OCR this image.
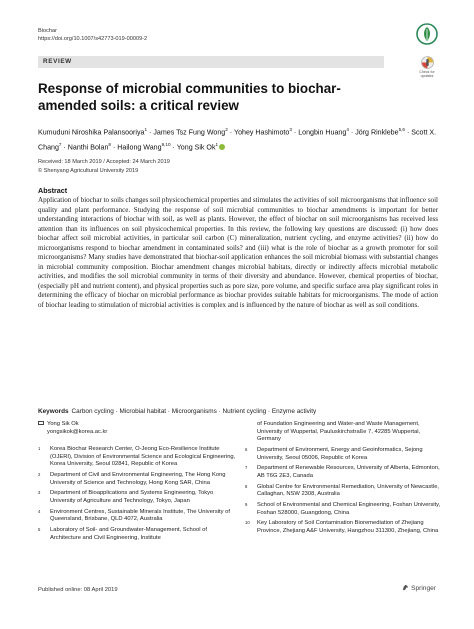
Biochar
https://doi.org/10.1007/s42773-019-00009-2
Check for updates
REVIEW
Response of microbial communities to biochar-amended soils: a critical review
Kumuduni Niroshika Palansooriya$^1$ · James Tsz Fung Wong$^2$ · Yohey Hashimoto$^3$ · Longbin Huang$^4$ · Jörg Rinklebe$^{5,6}$ · Scott X. Chang$^7$ · Nanthi Bolan$^8$ · Hailong Wang$^{9,10}$ · Yong Sik Ok$^1$
Received: 18 March 2019 / Accepted: 24 March 2019
© Shenyang Agricultural University 2019
Abstract
Application of biochar to soils changes soil physicochemical properties and stimulates the activities of soil microorganisms that influence soil quality and plant performance. Studying the response of soil microbial communities to biochar amendments is important for better understanding interactions of biochar with soil, as well as plants. However, the effect of biochar on soil microorganisms has received less attention than its influences on soil physicochemical properties. In this review, the following key questions are discussed: (i) how does biochar affect soil microbial activities, in particular soil carbon (C) mineralization, nutrient cycling, and enzyme activities? (ii) how do microorganisms respond to biochar amendment in contaminated soils? and (iii) what is the role of biochar as a growth promoter for soil microorganisms? Many studies have demonstrated that biochar-soil application enhances the soil microbial biomass with substantial changes in microbial community composition. Biochar amendment changes microbial habitats, directly or indirectly affects microbial metabolic activities, and modifies the soil microbial community in terms of their diversity and abundance. However, chemical properties of biochar, (especially pH and nutrient content), and physical properties such as pore size, pore volume, and specific surface area play significant roles in determining the efficacy of biochar on microbial performance as biochar provides suitable habitats for microorganisms. The mode of action of biochar leading to stimulation of microbial activities is complex and is influenced by the nature of biochar as well as soil conditions.
Keywords Carbon cycling · Microbial habitat · Microorganisms · Nutrient cycling · Enzyme activity
Yong Sik Ok
yongsikok@korea.ac.kr
1 Korea Biochar Research Center, O-Jeong Eco-Resilience Institute (OJERI), Division of Environmental Science and Ecological Engineering, Korea University, Seoul 02841, Republic of Korea
2 Department of Civil and Environmental Engineering, The Hong Kong University of Science and Technology, Hong Kong SAR, China
3 Department of Bioapplications and Systems Engineering, Tokyo University of Agriculture and Technology, Tokyo, Japan
4 Environment Centres, Sustainable Minerals Institute, The University of Queensland, Brisbane, QLD 4072, Australia
5 Laboratory of Soil- and Groundwater-Management, School of Architecture and Civil Engineering, Institute
of Foundation Engineering and Water-and Waste Management, University of Wuppertal, Pauluskirchstraße 7, 42285 Wuppertal, Germany
6 Department of Environment, Energy and Geoinformatics, Sejong University, Seoul 05006, Republic of Korea
7 Department of Renewable Resources, University of Alberta, Edmonton, AB T6G 2E3, Canada
8 Global Centre for Environmental Remediation, University of Newcastle, Callaghan, NSW 2308, Australia
9 School of Environmental and Chemical Engineering, Foshan University, Foshan 528000, Guangdong, China
10 Key Laboratory of Soil Contamination Bioremediation of Zhejiang Province, Zhejiang A&F University, Hangzhou 311300, Zhejiang, China
Published online: 08 April 2019	Springer
